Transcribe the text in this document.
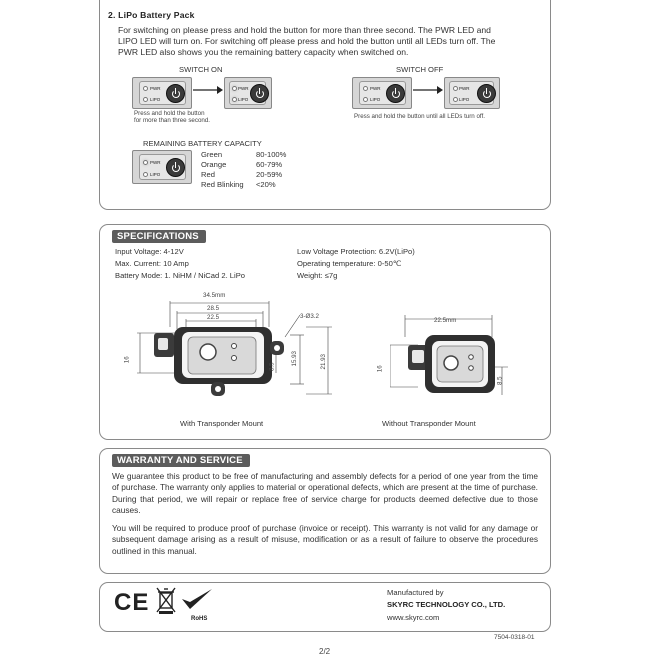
2. LiPo Battery Pack
For switching on please press and hold the button for more than three second. The PWR LED and
LIPO LED will turn on. For switching off please press and hold the button until all LEDs turn off. The
PWR LED also shows you the remaining battery capacity when switched on.
SWITCH ON	SWITCH OFF
PWR
LIPO
PWR
LIPO
Press and hold the button
for more than three second.
PWR
LIPO
PWR
LIPO
Press and hold the button until all LEDs turn off.
REMAINING BATTERY CAPACITY
PWR
LIPO
Green	80-100%
Orange	60-79%
Red	20-59%
Red Blinking <20%
SPECIFICATIONS
Input Voltage: 4-12V
Max. Current: 10 Amp
Battery Mode: 1. NiHM / NiCad 2. LiPo
Low Voltage Protection: 6.2V(LiPo)
Operating temperature: 0-50℃
Weight: ≤7g
34.5mm
28.5
22.5	3-Ø3.2
16
8.5
15.93	21.93
22.5mm
16
8.5
With Transponder Mount	Without Transponder Mount
WARRANTY AND SERVICE
We guarantee this product to be free of manufacturing and assembly defects for a period of one year from the time of purchase. The warranty only applies to material or operational defects, which are present at the time of purchase. During that period, we will repair or replace free of service charge for products deemed defective due to those causes.
You will be required to produce proof of purchase (invoice or receipt). This warranty is not valid for any damage or subsequent damage arising as a result of misuse, modification or as a result of failure to observe the procedures outlined in this manual.
CE
RoHS
Manufactured by
SKYRC TECHNOLOGY CO., LTD.
www.skyrc.com
7504-0318-01
2/2
